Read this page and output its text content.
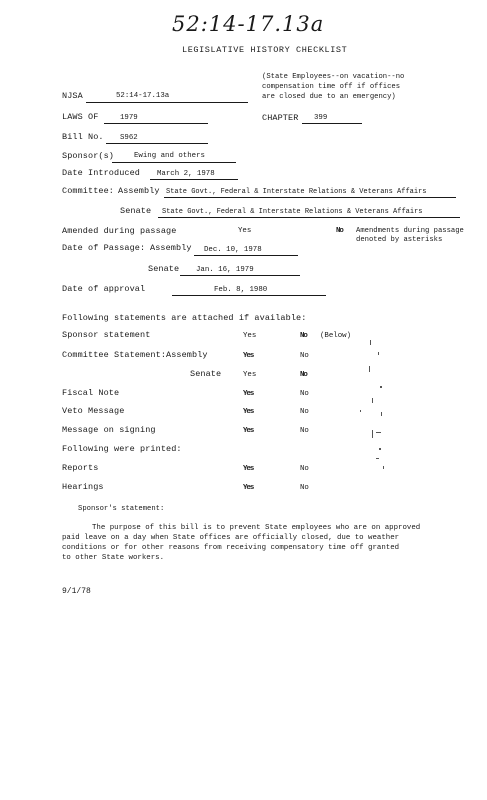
52:14-17.13a
LEGISLATIVE HISTORY CHECKLIST
(State Employees--on vacation--no
compensation time off if offices
are closed due to an emergency)
NJSA	52:14-17.13a
LAWS OF	1979	CHAPTER 399
Bill No. S962
Sponsor(s)	Ewing and others
Date Introduced March 2, 1978
Committee: Assembly State Govt., Federal & Interstate Relations & Veterans Affairs
Senate State Govt., Federal & Interstate Relations & Veterans Affairs
Amended during passage	Yes	No Amendments during passage
denoted by asterisks
Date of Passage: Assembly Dec. 10, 1978
Senate Jan. 16, 1979
Date of approval	Feb. 8, 1980
Following statements are attached if available:
Sponsor statement	Yes	No (Below)
Committee Statement: Assembly	Yes	No
Senate	Yes	No
Fiscal Note	Yes	No
Veto Message	Yes	No
Message on signing	Yes	No
Following were printed:
Reports	Yes	No
Hearings	Yes	No
Sponsor's statement:
The purpose of this bill is to prevent State employees who are on approved
paid leave on a day when State offices are officially closed, due to weather
conditions or for other reasons from receiving compensatory time off granted
to other State workers.
9/1/78
